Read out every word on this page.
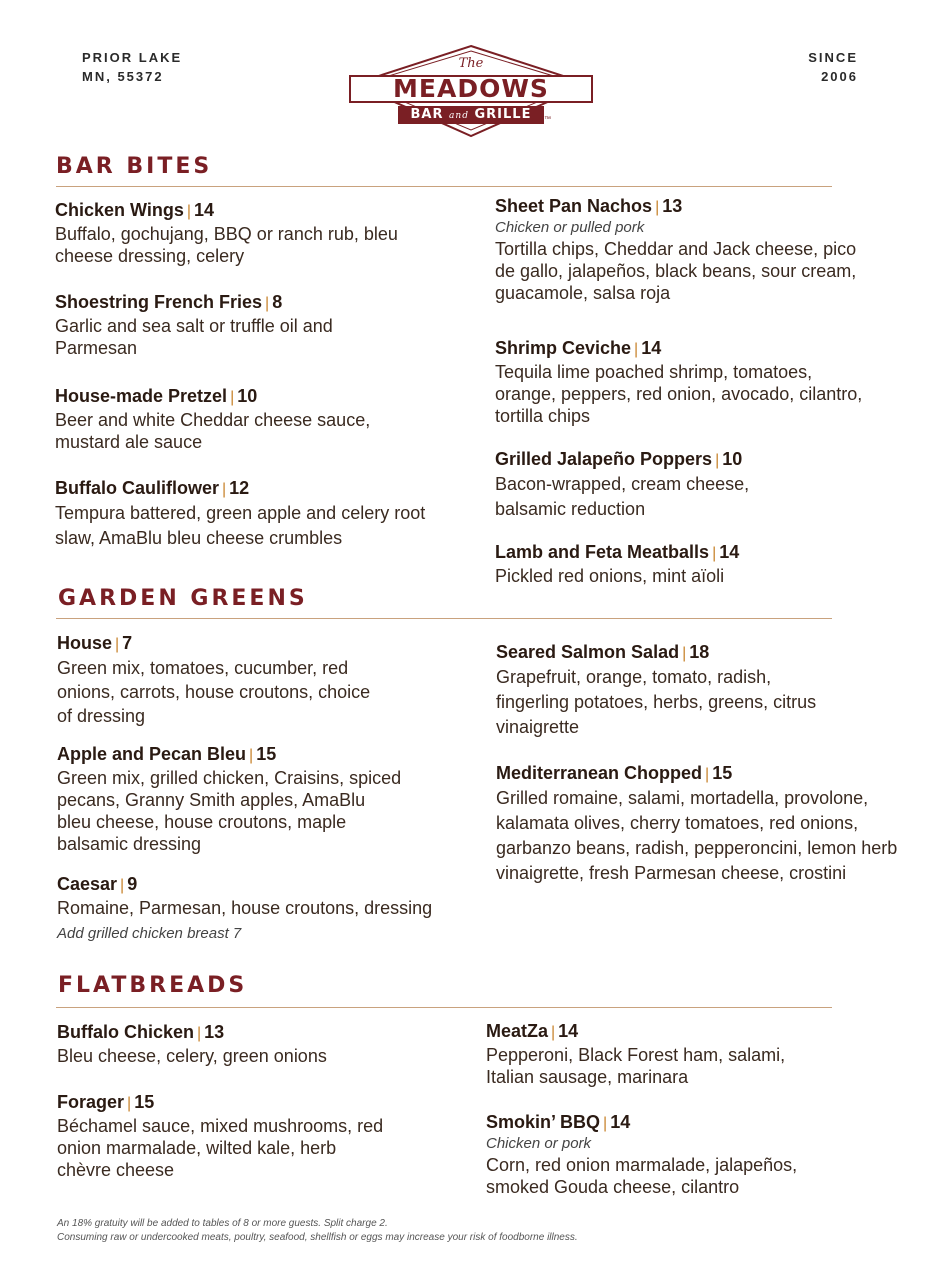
PRIOR LAKE
MN, 55372
SINCE
2006
The
MEADOWS
BAR and GRILLE	™
BAR BITES
Chicken Wings | 14
Buffalo, gochujang, BBQ or ranch rub, bleu cheese dressing, celery
Shoestring French Fries | 8
Garlic and sea salt or truffle oil and Parmesan
House-made Pretzel | 10
Beer and white Cheddar cheese sauce, mustard ale sauce
Buffalo Cauliflower | 12
Tempura battered, green apple and celery root slaw, AmaBlu bleu cheese crumbles
Sheet Pan Nachos | 13
Chicken or pulled pork
Tortilla chips, Cheddar and Jack cheese, pico de gallo, jalapeños, black beans, sour cream, guacamole, salsa roja
Shrimp Ceviche | 14
Tequila lime poached shrimp, tomatoes, orange, peppers, red onion, avocado, cilantro, tortilla chips
Grilled Jalapeño Poppers | 10
Bacon-wrapped, cream cheese, balsamic reduction
Lamb and Feta Meatballs | 14
Pickled red onions, mint aïoli
GARDEN GREENS
House | 7
Green mix, tomatoes, cucumber, red onions, carrots, house croutons, choice of dressing
Apple and Pecan Bleu | 15
Green mix, grilled chicken, Craisins, spiced pecans, Granny Smith apples, AmaBlu bleu cheese, house croutons, maple balsamic dressing
Caesar | 9
Romaine, Parmesan, house croutons, dressing
Add grilled chicken breast 7
Seared Salmon Salad | 18
Grapefruit, orange, tomato, radish, fingerling potatoes, herbs, greens, citrus vinaigrette
Mediterranean Chopped | 15
Grilled romaine, salami, mortadella, provolone, kalamata olives, cherry tomatoes, red onions, garbanzo beans, radish, pepperoncini, lemon herb vinaigrette, fresh Parmesan cheese, crostini
FLATBREADS
Buffalo Chicken | 13
Bleu cheese, celery, green onions
Forager | 15
Béchamel sauce, mixed mushrooms, red onion marmalade, wilted kale, herb chèvre cheese
MeatZa | 14
Pepperoni, Black Forest ham, salami, Italian sausage, marinara
Smokin’ BBQ | 14
Chicken or pork
Corn, red onion marmalade, jalapeños, smoked Gouda cheese, cilantro
An 18% gratuity will be added to tables of 8 or more guests. Split charge 2.
Consuming raw or undercooked meats, poultry, seafood, shellfish or eggs may increase your risk of foodborne illness.
